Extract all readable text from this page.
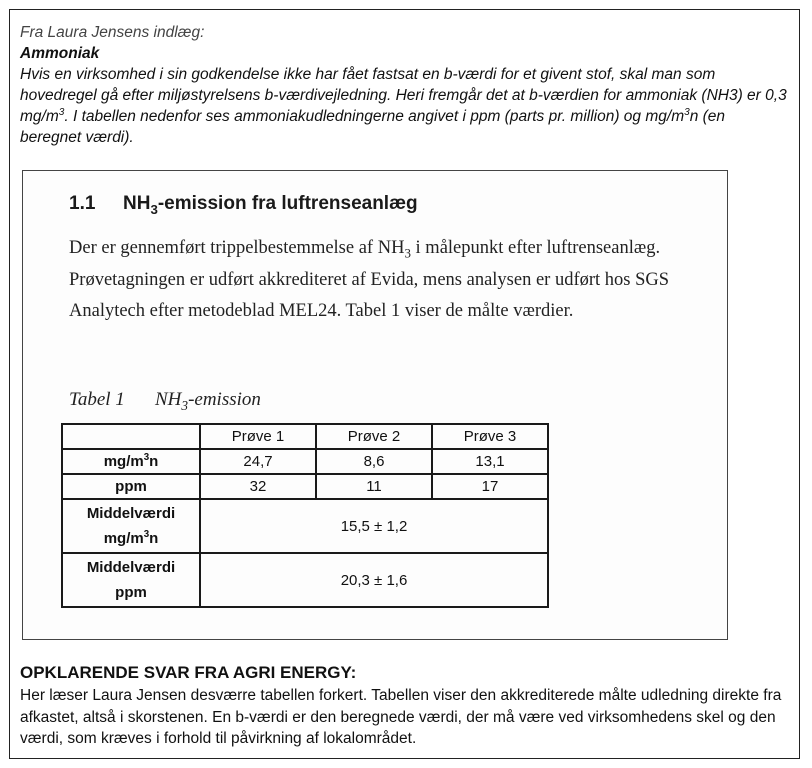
Fra Laura Jensens indlæg:
Ammoniak
Hvis en virksomhed i sin godkendelse ikke har fået fastsat en b-værdi for et givent stof, skal man som hovedregel gå efter miljøstyrelsens b-værdivejledning. Heri fremgår det at b-værdien for ammoniak (NH3) er 0,3 $mg/m^3$. I tabellen nedenfor ses ammoniakudledningerne angivet i ppm (parts pr. million) og $mg/m^3n$ (en beregnet værdi).
1.1 $NH_3$-emission fra luftrenseanlæg
Der er gennemført trippelbestemmelse af $NH_3$ i målepunkt efter luftrenseanlæg. Prøvetagningen er udført akkrediteret af Evida, mens analysen er udført hos SGS Analytech efter metodeblad MEL24. Tabel 1 viser de målte værdier.
Tabel 1 $NH_3$-emission
	Prøve 1	Prøve 2	Prøve 3
$mg/m^3n$	24,7	8,6	13,1
ppm	32	11	17
Middelværdi
$mg/m^3n$	15,5 ± 1,2		
Middelværdi
ppm	20,3 ± 1,6		
OPKLARENDE SVAR FRA AGRI ENERGY:
Her læser Laura Jensen desværre tabellen forkert. Tabellen viser den akkrediterede målte udledning direkte fra afkastet, altså i skorstenen. En b-værdi er den beregnede værdi, der må være ved virksomhedens skel og den værdi, som kræves i forhold til påvirkning af lokalområdet.
